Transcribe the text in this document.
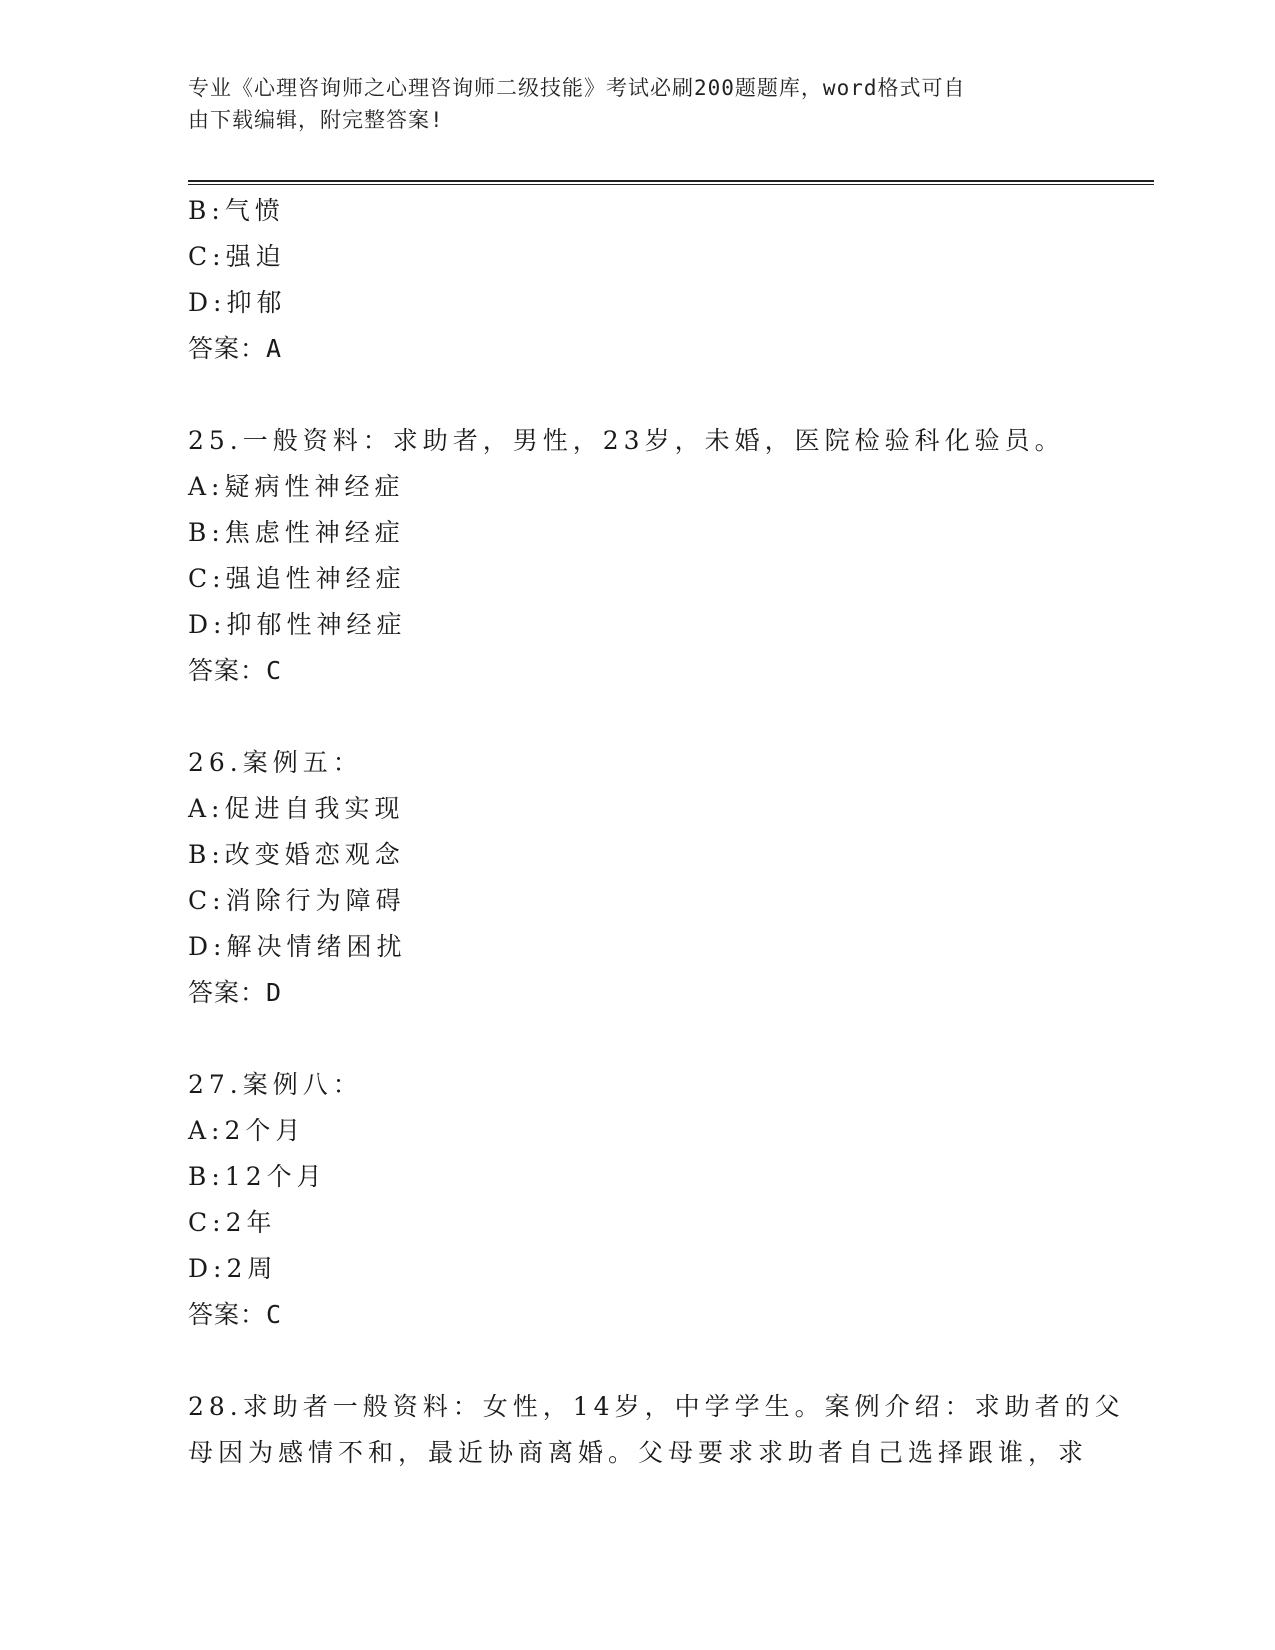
专业《心理咨询师之心理咨询师二级技能》考试必刷200题题库，word格式可自
由下载编辑，附完整答案!
B:气愤
C:强迫
D:抑郁
答案：A
25.一般资料：求助者，男性，23岁，未婚，医院检验科化验员。
A:疑病性神经症
B:焦虑性神经症
C:强追性神经症
D:抑郁性神经症
答案：C
26.案例五：
A:促进自我实现
B:改变婚恋观念
C:消除行为障碍
D:解决情绪困扰
答案：D
27.案例八：
A:2个月
B:12个月
C:2年
D:2周
答案：C
28.求助者一般资料：女性，14岁，中学学生。案例介绍：求助者的父
母因为感情不和，最近协商离婚。父母要求求助者自己选择跟谁，求
